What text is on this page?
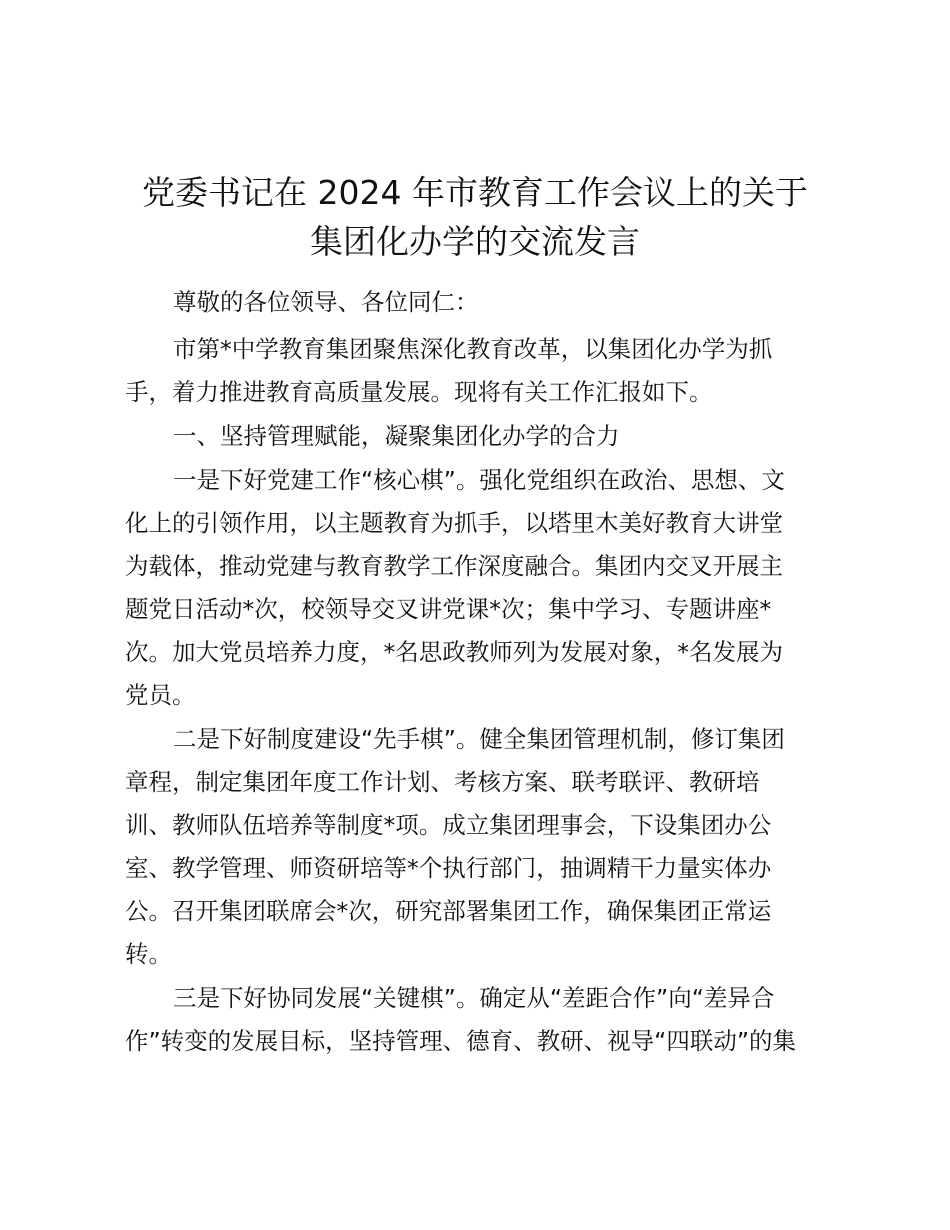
党委书记在 2024 年市教育工作会议上的关于
集团化办学的交流发言
尊敬的各位领导、各位同仁：
市第*中学教育集团聚焦深化教育改革，以集团化办学为抓
手，着力推进教育高质量发展。现将有关工作汇报如下。
一、坚持管理赋能，凝聚集团化办学的合力
一是下好党建工作“核心棋”。强化党组织在政治、思想、文
化上的引领作用，以主题教育为抓手，以塔里木美好教育大讲堂
为载体，推动党建与教育教学工作深度融合。集团内交叉开展主
题党日活动*次，校领导交叉讲党课*次；集中学习、专题讲座*
次。加大党员培养力度，*名思政教师列为发展对象，*名发展为
党员。
二是下好制度建设“先手棋”。健全集团管理机制，修订集团
章程，制定集团年度工作计划、考核方案、联考联评、教研培
训、教师队伍培养等制度*项。成立集团理事会，下设集团办公
室、教学管理、师资研培等*个执行部门，抽调精干力量实体办
公。召开集团联席会*次，研究部署集团工作，确保集团正常运
转。
三是下好协同发展“关键棋”。确定从“差距合作”向“差异合
作”转变的发展目标，坚持管理、德育、教研、视导“四联动”的集
